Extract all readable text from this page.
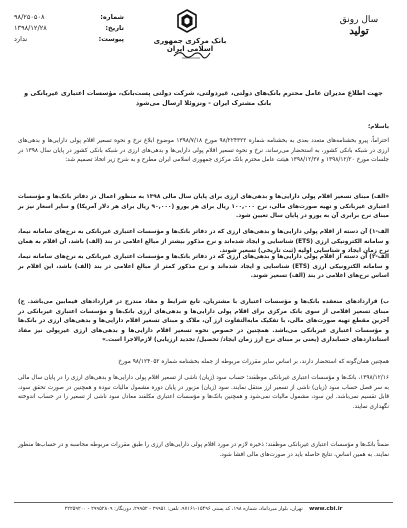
شماره:
۹۸/۲۵۰۵۰۸
تاریخ:
۱۳۹۸/۱۲/۲۸
پیوست:
ندارد	بانک مرکزی جمهوری اسلامی ایران
سال رونق
تولید
جهت اطلاع مدیران عامل محترم بانک‌های دولتی، غیردولتی، شرکت دولتی پست‌بانک، مؤسسات اعتباری غیربانکی و بانک مشترک ایران - ونزوئلا ارسال می‌شود
با‌سلام؛
احتراماً، پیرو بخشنامه‌های متعدد بعدی به بخشنامه شماره ۹۸/۲۲۴۳۲۲ مورخ ۱۳۹۸/۷/۱۸ موضوع ابلاغ نرخ و نحوه تسعیر اقلام پولی دارایی‌ها و بدهی‌های ارزی در شبکه بانکی کشور، به استحضار می‌رساند، نرخ و نحوه تسعیر اقلام پولی دارایی‌ها و بدهی‌های ارزی در شبکه بانکی کشور در پایان سال ۱۳۹۸ در جلسات مورخ ۱۳۹۸/۱۲/۲۰ و ۱۳۹۸/۱۲/۲۷ هیئت عامل محترم بانک مرکزی جمهوری اسلامی ایران مطرح و به شرح زیر اتخاذ تصمیم شد:
«الف) مبنای تسعیر اقلام پولی دارایی‌ها و بدهی‌های ارزی برای پایان سال مالی ۱۳۹۸ به منظور اعمال در دفاتر بانک‌ها و مؤسسات اعتباری غیربانکی و تهیه صورت‌های مالی، نرخ ۱۰۰,۰۰۰ ریال برای هر یورو (۹۰,۰۰۰ ریال برای هر دلار آمریکا) و سایر اسعار نیز بر مبنای نرخ برابری آن به یورو در پایان سال تعیین شود.
الف-۱) آن دسته از اقلام پولی دارایی‌ها و بدهی‌های ارزی که در دفاتر بانک‌ها و مؤسسات اعتباری غیربانکی به نرخ‌های سامانه نیما، و سامانه الکترونیکی ارزی (ETS) شناسایی و ایجاد شده‌اند و نرخ مذکور بیشتر از مبالغ اعلامی در بند (الف) باشد، آن اقلام به همان نرخ زمان ایجاد و شناسایی اولیه (ثبت تاریخی) تسعیر شوند.
الف-۲) آن دسته از اقلام پولی دارایی‌ها و بدهی‌های ارزی که در دفاتر بانک‌ها و مؤسسات اعتباری غیربانکی به نرخ‌های سامانه نیما، و سامانه الکترونیکی ارزی (ETS) شناسایی و ایجاد شده‌اند و نرخ مذکور کمتر از مبالغ اعلامی در بند (الف) باشد، این اقلام بر اساس نرخ‌های اعلامی در بند (الف) تسعیر شوند.
ب) قراردادهای منعقده بانک‌ها و مؤسسات اعتباری با مشتریان، تابع شرایط و مفاد مندرج در قراردادهای فیمابین می‌باشد. ج) مبنای تسعیر اقلامی از سوی بانک مرکزی برای اقلام پولی دارایی‌ها و بدهی‌های ارزی بانک‌ها و مؤسسات اعتباری غیربانکی در آخرین مقطع تهیه صورت‌های مالی، با تفکیک مابه‌التفاوت ارز آن، ملاک و مبنای تسعیر اقلام دارایی‌ها و بدهی‌های ارزی در بانک‌ها و مؤسسات اعتباری غیربانکی می‌باشد. همچنین در خصوص نحوه تسعیر اقلام دارایی‌ها و بدهی‌های ارزی غیرپولی نیز مفاد استانداردهای حسابداری (یعنی بر مبنای نرخ ارز زمان ایجاد/ تحصیل/ تجدید ارزیابی) لازم‌الاجرا است.»
همچنین همان‌گونه که استحضار دارند، بر اساس سایر مقررات مربوطه از جمله بخشنامه شماره ۹۸/۱۲۴۰۵۲ مورخ
۱۳۹۸/۱۲/۱۶، بانک‌ها و مؤسسات اعتباری غیربانکی موظفند؛ حساب سود (زیان) ناشی از تسعیر اقلام پولی دارایی‌ها و بدهی‌های ارزی را در پایان سال مالی به سر فصل حساب سود (زیان) ناشی از تسعیر ارز منتقل نمایند. سود (زیان) مزبور در پایان دوره مشمول مالیات نبوده و همچنین در صورت تحقق سود، قابل تقسیم نمی‌باشد. این سود، مشمول مالیات نمی‌شود و همچنین بانک‌ها و مؤسسات اعتباری مکلفند معادل سود ناشی از تسعیر را در حساب اندوخته نگهداری نمایند.
ضمناً بانک‌ها و مؤسسات اعتباری غیربانکی موظفند؛ ذخیره لازم در مورد اقلام پولی دارایی‌های ارزی را طبق مقررات مربوطه محاسبه و در حساب‌ها منظور نمایند. به همین اساس، نتایج حاصله باید در صورت‌های مالی افشا شود.
www.cbi.ir    تهران، بلوار میرداماد، شماره ۱۹۸، کد پستی ۱۵۴۹۶-۹۷۱۶۱، تلفن: ۲۹۹۵۱ - ۲۹۹۵۲، دورنگار: ۲۹۹۵۲۸۰۹ - ۲۲۲۵۹۲۰۰
